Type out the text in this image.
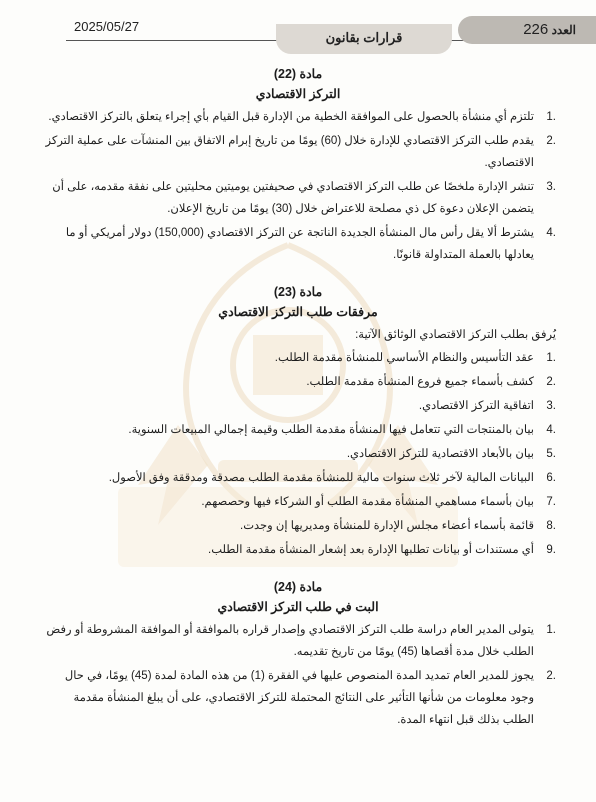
2025/05/27
قرارات بقانون	العدد 226
مادة (22)
التركز الاقتصادي
1.
تلتزم أي منشأة بالحصول على الموافقة الخطية من الإدارة قبل القيام بأي إجراء يتعلق بالتركز الاقتصادي.
2.
يقدم طلب التركز الاقتصادي للإدارة خلال (60) يومًا من تاريخ إبرام الاتفاق بين المنشآت على عملية التركز الاقتصادي.
3.
تنشر الإدارة ملخصًا عن طلب التركز الاقتصادي في صحيفتين يوميتين محليتين على نفقة مقدمه، على أن يتضمن الإعلان دعوة كل ذي مصلحة للاعتراض خلال (30) يومًا من تاريخ الإعلان.
4.
يشترط ألا يقل رأس مال المنشأة الجديدة الناتجة عن التركز الاقتصادي (150,000) دولار أمريكي أو ما يعادلها بالعملة المتداولة قانونًا.
مادة (23)
مرفقات طلب التركز الاقتصادي
يُرفق بطلب التركز الاقتصادي الوثائق الآتية:
1.
عقد التأسيس والنظام الأساسي للمنشأة مقدمة الطلب.
2.
كشف بأسماء جميع فروع المنشأة مقدمة الطلب.
3.
اتفاقية التركز الاقتصادي.
4.
بيان بالمنتجات التي تتعامل فيها المنشأة مقدمة الطلب وقيمة إجمالي المبيعات السنوية.
5.
بيان بالأبعاد الاقتصادية للتركز الاقتصادي.
6.
البيانات المالية لآخر ثلاث سنوات مالية للمنشأة مقدمة الطلب مصدقة ومدققة وفق الأصول.
7.
بيان بأسماء مساهمي المنشأة مقدمة الطلب أو الشركاء فيها وحصصهم.
8.
قائمة بأسماء أعضاء مجلس الإدارة للمنشأة ومديريها إن وجدت.
9.
أي مستندات أو بيانات تطلبها الإدارة بعد إشعار المنشأة مقدمة الطلب.
مادة (24)
البت في طلب التركز الاقتصادي
1.
يتولى المدير العام دراسة طلب التركز الاقتصادي وإصدار قراره بالموافقة أو الموافقة المشروطة أو رفض الطلب خلال مدة أقصاها (45) يومًا من تاريخ تقديمه.
2.
يجوز للمدير العام تمديد المدة المنصوص عليها في الفقرة (1) من هذه المادة لمدة (45) يومًا، في حال وجود معلومات من شأنها التأثير على النتائج المحتملة للتركز الاقتصادي، على أن يبلغ المنشأة مقدمة الطلب بذلك قبل انتهاء المدة.
